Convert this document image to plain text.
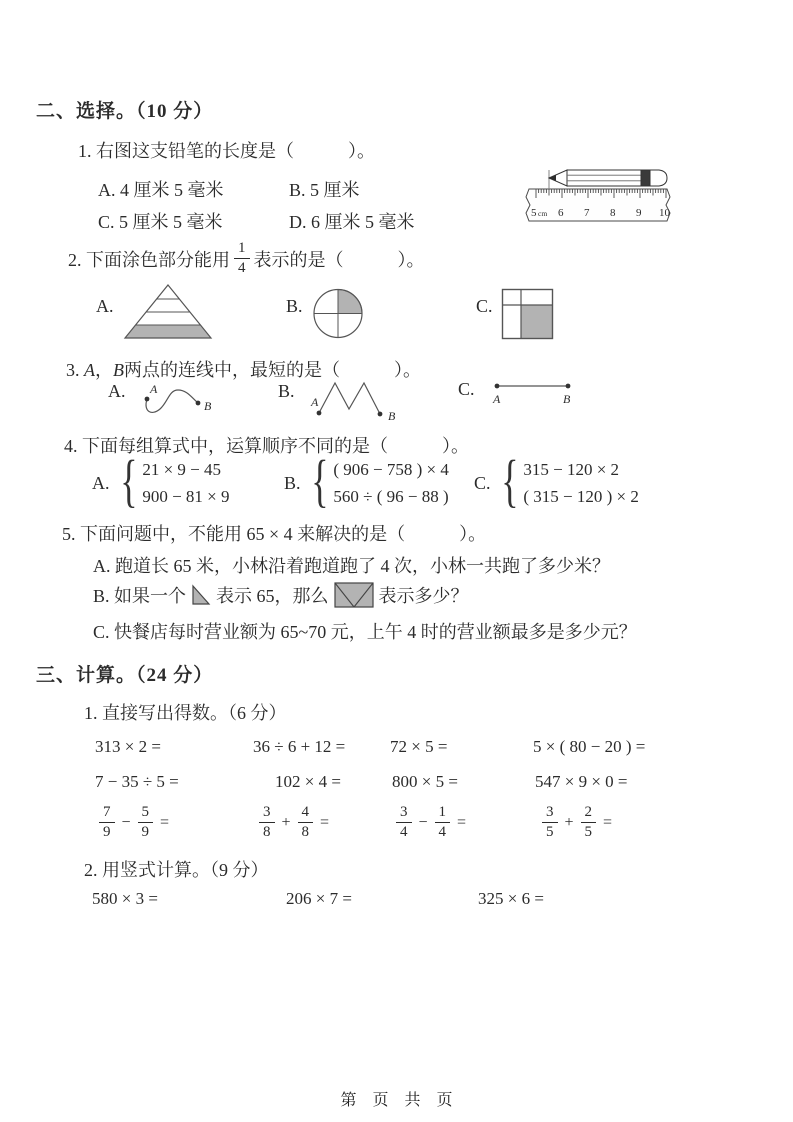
二、选择。（10 分）
1. 右图这支铅笔的长度是（　　　）。
A. 4 厘米 5 毫米	B. 5 厘米
C. 5 厘米 5 毫米	D. 6 厘米 5 毫米	5 cm 6 7 8 9 10
2. 下面涂色部分能用 $\frac{1}{4}$ 表示的是（　　　）。
A.	B.	C.
3. A，B两点的连线中，最短的是（　　　）。
A. A
B
B.
A
B
C. A	B
4. 下面每组算式中，运算顺序不同的是（　　　）。
A. { 21 × 9 − 45
900 − 81 × 9
B. { ( 906 − 758 ) × 4
560 ÷ ( 96 − 88 )
C. { 315 − 120 × 2
( 315 − 120 ) × 2
5. 下面问题中，不能用 65 × 4 来解决的是（　　　）。
A. 跑道长 65 米，小林沿着跑道跑了 4 次，小林一共跑了多少米？
B. 如果一个 表示 65，那么	表示多少？
C. 快餐店每时营业额为 65~70 元，上午 4 时的营业额最多是多少元？
三、计算。（24 分）
1. 直接写出得数。（6 分）
313 × 2 =	36 ÷ 6 + 12 =	72 × 5 =	5 × ( 80 − 20 ) =
7 − 35 ÷ 5 =	102 × 4 =	800 × 5 =	547 × 9 × 0 =
$\frac{7}{9} - \frac{5}{9}$ =	$\frac{3}{8} + \frac{4}{8}$ =	$\frac{3}{4} - \frac{1}{4}$ =	$\frac{3}{5} + \frac{2}{5}$ =
2. 用竖式计算。（9 分）
580 × 3 =	206 × 7 =	325 × 6 =
第　页　共　页
